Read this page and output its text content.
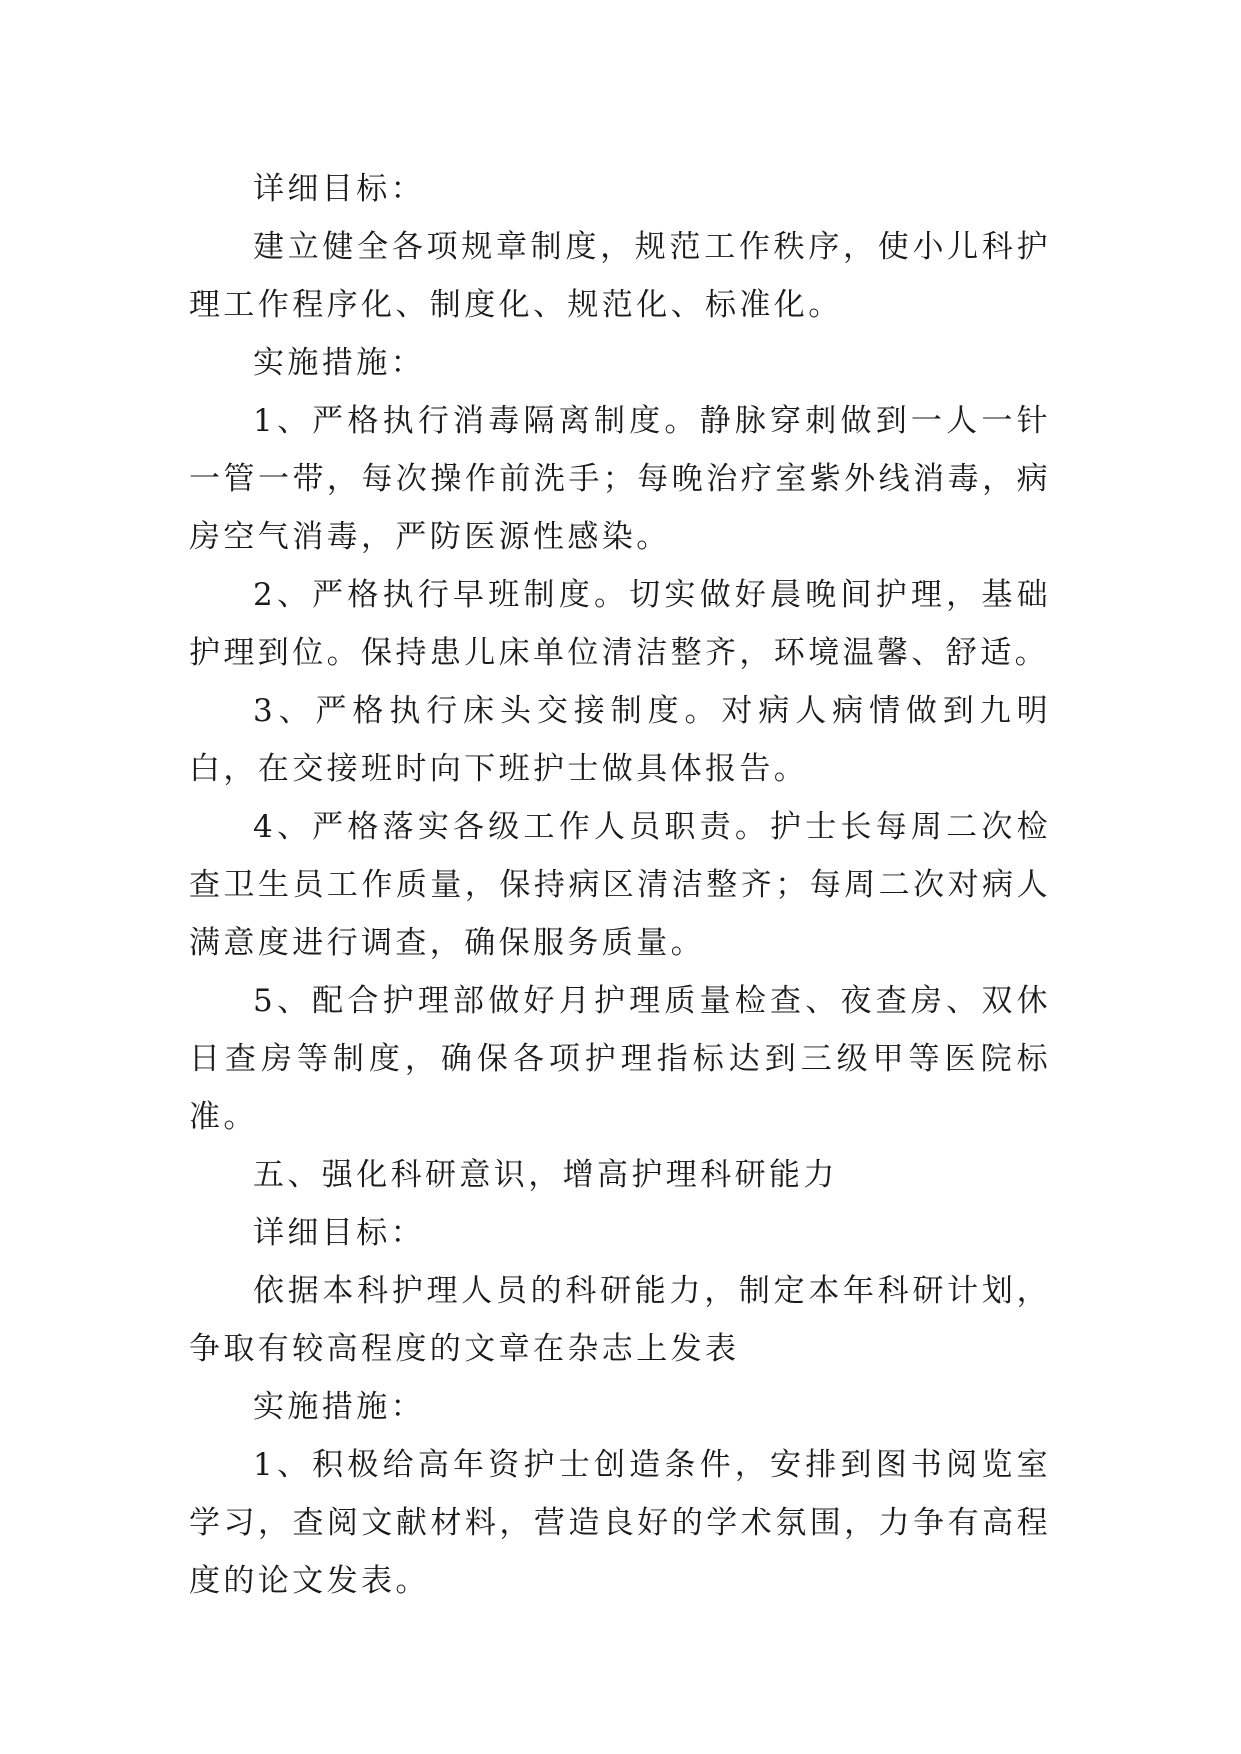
详细目标：

建立健全各项规章制度，规范工作秩序，使小儿科护理工作程序化、制度化、规范化、标准化。

实施措施：

1、严格执行消毒隔离制度。静脉穿刺做到一人一针一管一带，每次操作前洗手；每晚治疗室紫外线消毒，病房空气消毒，严防医源性感染。

2、严格执行早班制度。切实做好晨晚间护理，基础护理到位。保持患儿床单位清洁整齐，环境温馨、舒适。

3、严格执行床头交接制度。对病人病情做到九明白，在交接班时向下班护士做具体报告。

4、严格落实各级工作人员职责。护士长每周二次检查卫生员工作质量，保持病区清洁整齐；每周二次对病人满意度进行调查，确保服务质量。

5、配合护理部做好月护理质量检查、夜查房、双休日查房等制度，确保各项护理指标达到三级甲等医院标准。

五、强化科研意识，增高护理科研能力

详细目标：

依据本科护理人员的科研能力，制定本年科研计划，争取有较高程度的文章在杂志上发表

实施措施：

1、积极给高年资护士创造条件，安排到图书阅览室学习，查阅文献材料，营造良好的学术氛围，力争有高程度的论文发表。
